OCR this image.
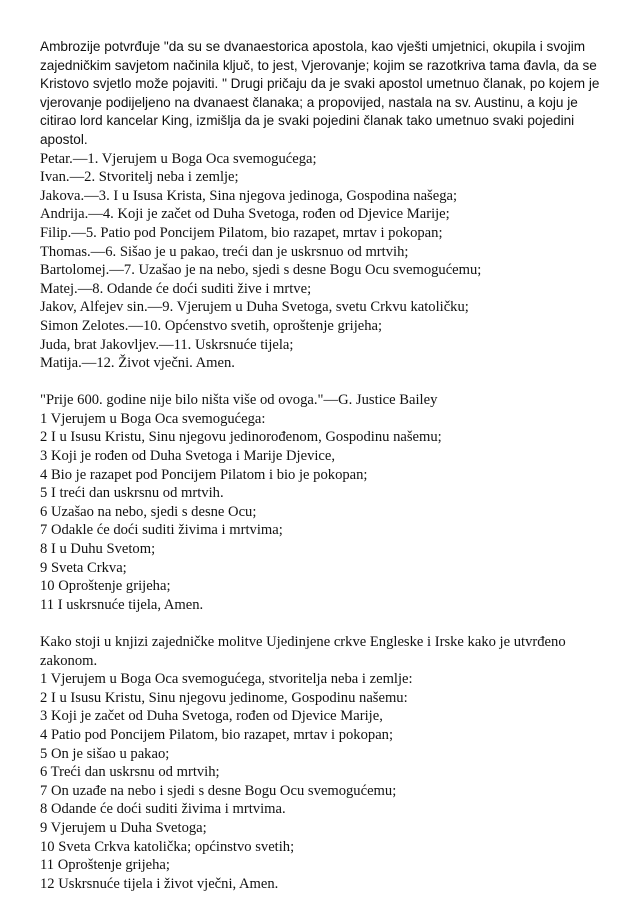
Ambrozije potvrđuje "da su se dvanaestorica apostola, kao vješti umjetnici, okupila i svojim zajedničkim savjetom načinila ključ, to jest, Vjerovanje; kojim se razotkriva tama đavla, da se Kristovo svjetlo može pojaviti. " Drugi pričaju da je svaki apostol umetnuo članak, po kojem je vjerovanje podijeljeno na dvanaest članaka; a propovijed, nastala na sv. Austinu, a koju je citirao lord kancelar King, izmišlja da je svaki pojedini članak tako umetnuo svaki pojedini apostol.

Petar.—1. Vjerujem u Boga Oca svemogućega;
Ivan.—2. Stvoritelj neba i zemlje;
Jakova.—3. I u Isusa Krista, Sina njegova jedinoga, Gospodina našega;
Andrija.—4. Koji je začet od Duha Svetoga, rođen od Djevice Marije;
Filip.—5. Patio pod Poncijem Pilatom, bio razapet, mrtav i pokopan;
Thomas.—6. Sišao je u pakao, treći dan je uskrsnuo od mrtvih;
Bartolomej.—7. Uzašao je na nebo, sjedi s desne Bogu Ocu svemogućemu;
Matej.—8. Odande će doći suditi žive i mrtve;
Jakov, Alfejev sin.—9. Vjerujem u Duha Svetoga, svetu Crkvu katoličku;
Simon Zelotes.—10. Općenstvo svetih, oproštenje grijeha;
Juda, brat Jakovljev.—11. Uskrsnuće tijela;
Matija.—12. Život vječni. Amen.

"Prije 600. godine nije bilo ništa više od ovoga."—G. Justice Bailey

1 Vjerujem u Boga Oca svemogućega:
2 I u Isusu Kristu, Sinu njegovu jedinorođenom, Gospodinu našemu;
3 Koji je rođen od Duha Svetoga i Marije Djevice,
4 Bio je razapet pod Poncijem Pilatom i bio je pokopan;
5 I treći dan uskrsnu od mrtvih.
6 Uzašao na nebo, sjedi s desne Ocu;
7 Odakle će doći suditi živima i mrtvima;
8 I u Duhu Svetom;
9 Sveta Crkva;
10 Oproštenje grijeha;
11 I uskrsnuće tijela, Amen.

Kako stoji u knjizi zajedničke molitve Ujedinjene crkve Engleske i Irske kako je utvrđeno zakonom.

1 Vjerujem u Boga Oca svemogućega, stvoritelja neba i zemlje:
2 I u Isusu Kristu, Sinu njegovu jedinome, Gospodinu našemu:
3 Koji je začet od Duha Svetoga, rođen od Djevice Marije,
4 Patio pod Poncijem Pilatom, bio razapet, mrtav i pokopan;
5 On je sišao u pakao;
6 Treći dan uskrsnu od mrtvih;
7 On uzađe na nebo i sjedi s desne Bogu Ocu svemogućemu;
8 Odande će doći suditi živima i mrtvima.
9 Vjerujem u Duha Svetoga;
10 Sveta Crkva katolička; općinstvo svetih;
11 Oproštenje grijeha;
12 Uskrsnuće tijela i život vječni, Amen.
